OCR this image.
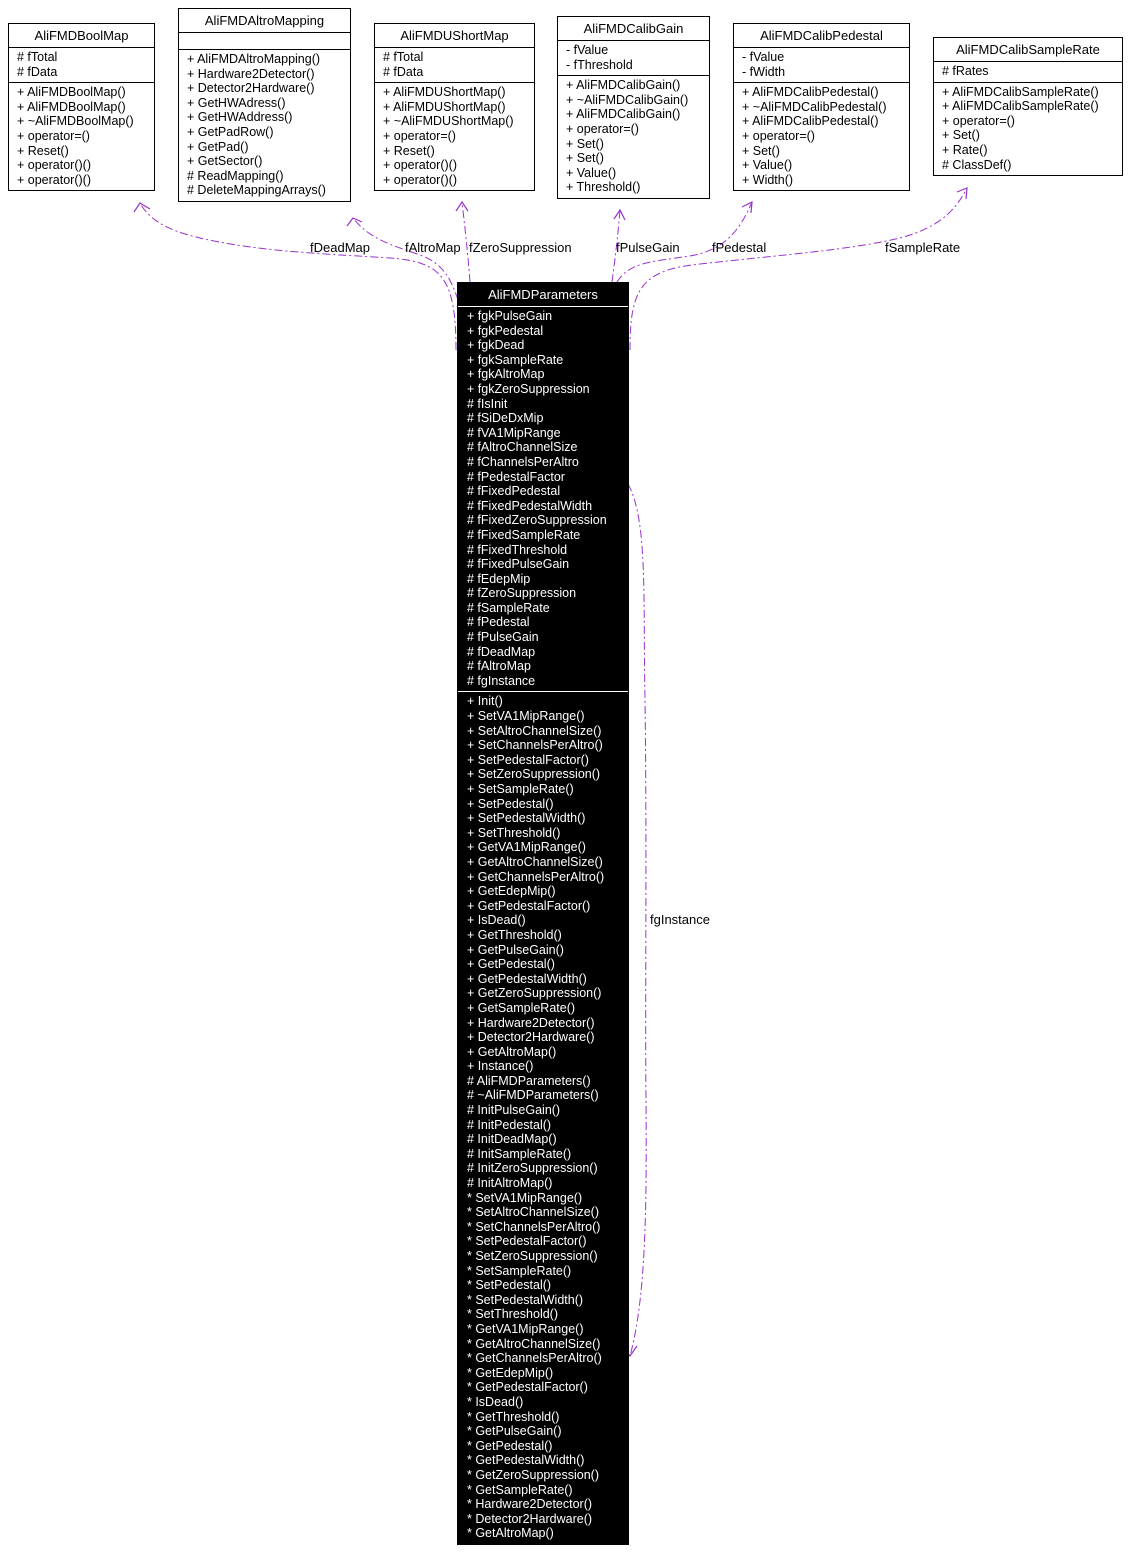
fDeadMap	fAltroMap fZeroSuppression	fPulseGain fPedestal	fSampleRate
fgInstance
AliFMDBoolMap
# fTotal
# fData
+ AliFMDBoolMap()
+ AliFMDBoolMap()
+ ~AliFMDBoolMap()
+ operator=()
+ Reset()
+ operator()()
+ operator()()
AliFMDAltroMapping
+ AliFMDAltroMapping()
+ Hardware2Detector()
+ Detector2Hardware()
+ GetHWAdress()
+ GetHWAddress()
+ GetPadRow()
+ GetPad()
+ GetSector()
# ReadMapping()
# DeleteMappingArrays()
AliFMDUShortMap
# fTotal
# fData
+ AliFMDUShortMap()
+ AliFMDUShortMap()
+ ~AliFMDUShortMap()
+ operator=()
+ Reset()
+ operator()()
+ operator()()
AliFMDCalibGain
- fValue
- fThreshold
+ AliFMDCalibGain()
+ ~AliFMDCalibGain()
+ AliFMDCalibGain()
+ operator=()
+ Set()
+ Set()
+ Value()
+ Threshold()
AliFMDCalibPedestal
- fValue
- fWidth
+ AliFMDCalibPedestal()
+ ~AliFMDCalibPedestal()
+ AliFMDCalibPedestal()
+ operator=()
+ Set()
+ Value()
+ Width()
AliFMDCalibSampleRate
# fRates
+ AliFMDCalibSampleRate()
+ AliFMDCalibSampleRate()
+ operator=()
+ Set()
+ Rate()
# ClassDef()
AliFMDParameters
+ fgkPulseGain
+ fgkPedestal
+ fgkDead
+ fgkSampleRate
+ fgkAltroMap
+ fgkZeroSuppression
# fIsInit
# fSiDeDxMip
# fVA1MipRange
# fAltroChannelSize
# fChannelsPerAltro
# fPedestalFactor
# fFixedPedestal
# fFixedPedestalWidth
# fFixedZeroSuppression
# fFixedSampleRate
# fFixedThreshold
# fFixedPulseGain
# fEdepMip
# fZeroSuppression
# fSampleRate
# fPedestal
# fPulseGain
# fDeadMap
# fAltroMap
# fgInstance
+ Init()
+ SetVA1MipRange()
+ SetAltroChannelSize()
+ SetChannelsPerAltro()
+ SetPedestalFactor()
+ SetZeroSuppression()
+ SetSampleRate()
+ SetPedestal()
+ SetPedestalWidth()
+ SetThreshold()
+ GetVA1MipRange()
+ GetAltroChannelSize()
+ GetChannelsPerAltro()
+ GetEdepMip()
+ GetPedestalFactor()
+ IsDead()
+ GetThreshold()
+ GetPulseGain()
+ GetPedestal()
+ GetPedestalWidth()
+ GetZeroSuppression()
+ GetSampleRate()
+ Hardware2Detector()
+ Detector2Hardware()
+ GetAltroMap()
+ Instance()
# AliFMDParameters()
# ~AliFMDParameters()
# InitPulseGain()
# InitPedestal()
# InitDeadMap()
# InitSampleRate()
# InitZeroSuppression()
# InitAltroMap()
* SetVA1MipRange()
* SetAltroChannelSize()
* SetChannelsPerAltro()
* SetPedestalFactor()
* SetZeroSuppression()
* SetSampleRate()
* SetPedestal()
* SetPedestalWidth()
* SetThreshold()
* GetVA1MipRange()
* GetAltroChannelSize()
* GetChannelsPerAltro()
* GetEdepMip()
* GetPedestalFactor()
* IsDead()
* GetThreshold()
* GetPulseGain()
* GetPedestal()
* GetPedestalWidth()
* GetZeroSuppression()
* GetSampleRate()
* Hardware2Detector()
* Detector2Hardware()
* GetAltroMap()
